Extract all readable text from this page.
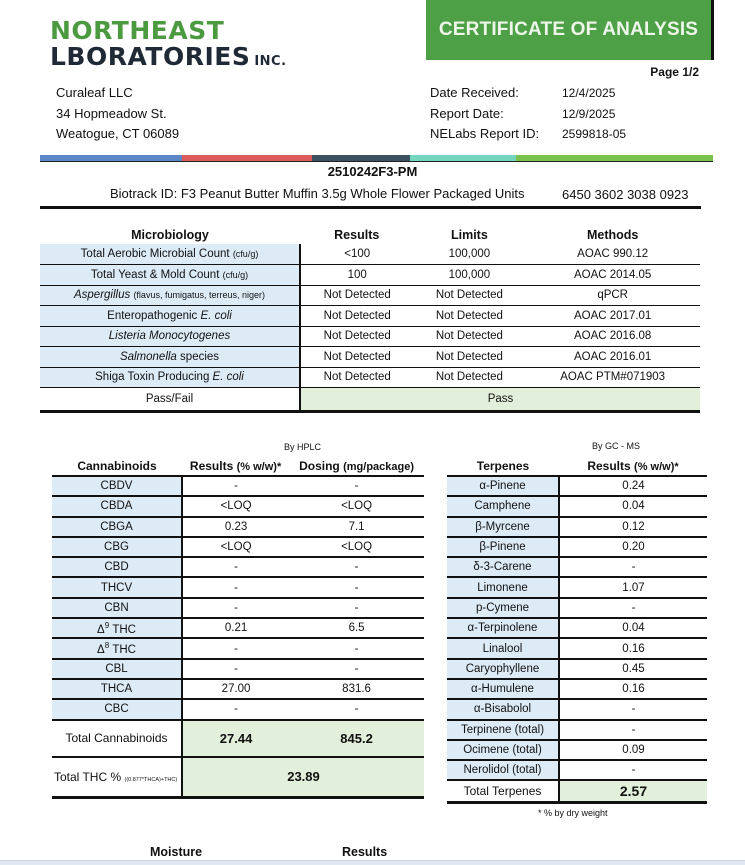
NORTHEAST
LBORATORIES INC.
CERTIFICATE OF ANALYSIS
Page 1/2
Curaleaf LLC
34 Hopmeadow St.
Weatogue, CT 06089
Date Received:	12/4/2025
Report Date:	12/9/2025
NELabs Report ID:	2599818-05
2510242F3-PM
Biotrack ID: F3 Peanut Butter Muffin 3.5g Whole Flower Packaged Units	6450 3602 3038 0923
Microbiology	Results	Limits	Methods
Total Aerobic Microbial Count (cfu/g)	<100	100,000	AOAC 990.12
Total Yeast & Mold Count (cfu/g)	100	100,000	AOAC 2014.05
Aspergillus (flavus, fumigatus, terreus, niger)	Not Detected	Not Detected	qPCR
Enteropathogenic E. coli	Not Detected	Not Detected	AOAC 2017.01
Listeria Monocytogenes	Not Detected	Not Detected	AOAC 2016.08
Salmonella species	Not Detected	Not Detected	AOAC 2016.01
Shiga Toxin Producing E. coli	Not Detected	Not Detected	AOAC PTM#071903
Pass/Fail	Pass		
By HPLC	By GC - MS
Cannabinoids	Results (% w/w)*	Dosing (mg/package)
CBDV	-	-
CBDA	<LOQ	<LOQ
CBGA	0.23	7.1
CBG	<LOQ	<LOQ
CBD	-	-
THCV	-	-
CBN	-	-
$\Delta^9$ THC	0.21	6.5
$\Delta^8$ THC	-	-
CBL	-	-
THCA	27.00	831.6
CBC	-	-
Total Cannabinoids	27.44	845.2
Total THC % ((0.877*THCA)+THC)	23.89	
Terpenes	Results (% w/w)*
α-Pinene	0.24
Camphene	0.04
β-Myrcene	0.12
β-Pinene	0.20
δ-3-Carene	-
Limonene	1.07
p-Cymene	-
α-Terpinolene	0.04
Linalool	0.16
Caryophyllene	0.45
α-Humulene	0.16
α-Bisabolol	-
Terpinene (total)	-
Ocimene (total)	0.09
Nerolidol (total)	-
Total Terpenes	2.57
* % by dry weight
Moisture	Results
